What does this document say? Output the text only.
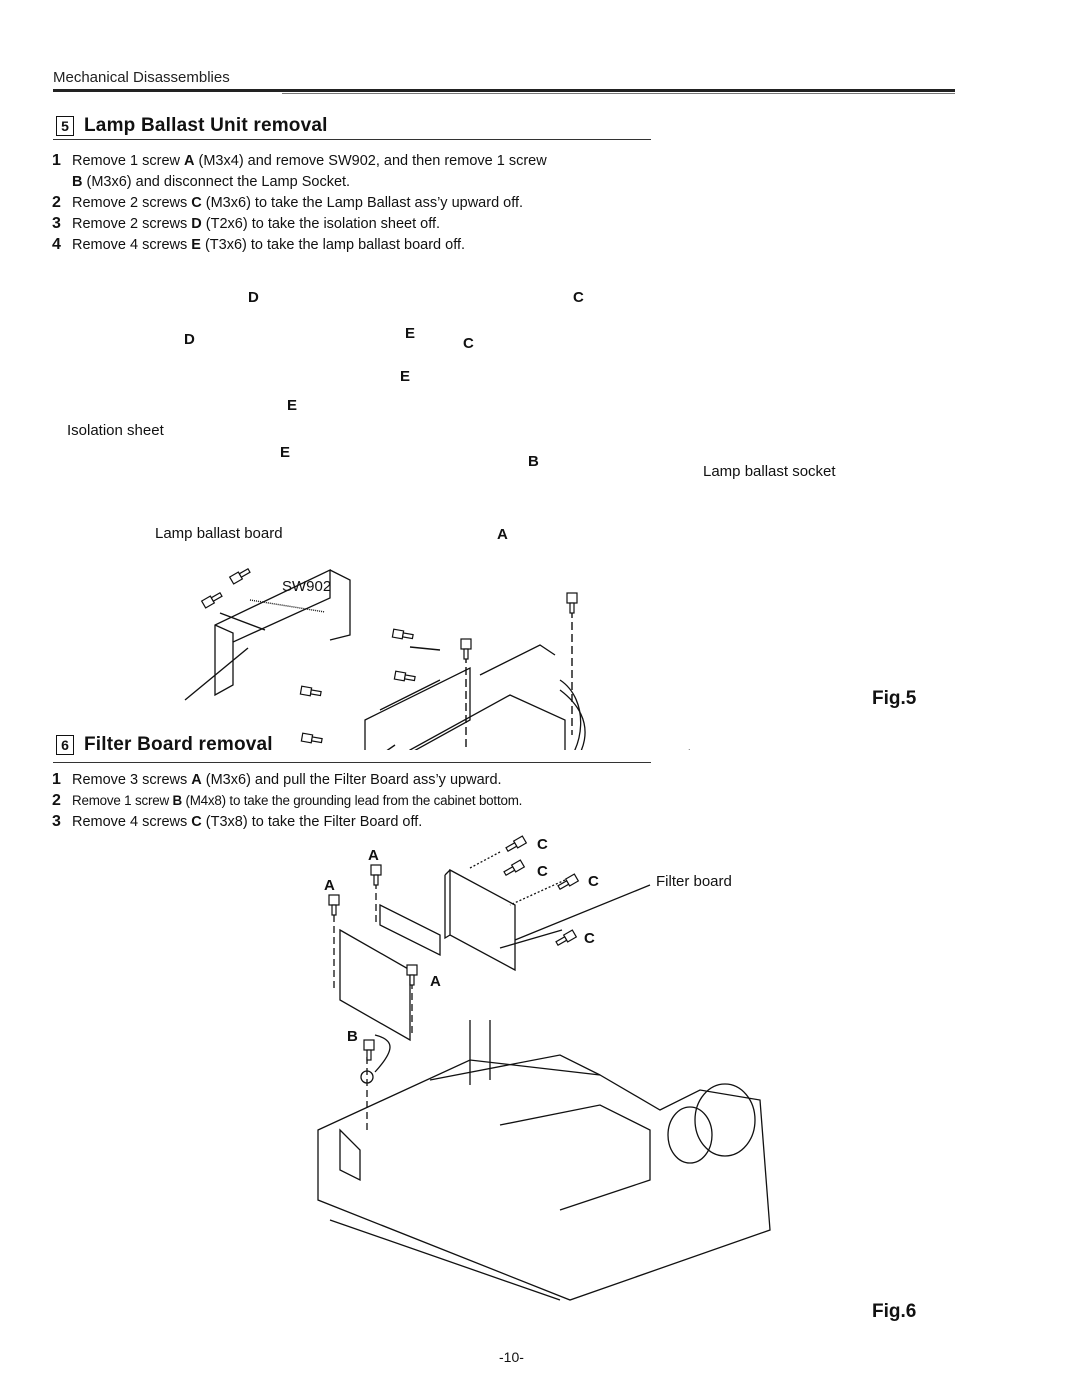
Mechanical Disassemblies
5 Lamp Ballast Unit removal
1 Remove 1 screw A (M3x4) and remove SW902, and then remove 1 screw
B (M3x6) and disconnect the Lamp Socket.
2 Remove 2 screws C (M3x6) to take the Lamp Ballast ass’y upward off.
3 Remove 2 screws D (T2x6) to take the isolation sheet off.
4 Remove 4 screws E (T3x6) to take the lamp ballast board off.
D
D	E
E
E
E
C
C
B
A
Isolation sheet
Lamp ballast board
SW902
Lamp ballast socket
Fig.5
6 Filter Board removal
1 Remove 3 screws A (M3x6) and pull the Filter Board ass’y upward.
2 Remove 1 screw B (M4x8) to take the grounding lead from the cabinet bottom.
3 Remove 4 screws C (T3x8) to take the Filter Board off.
A
A
C
C
C
C
A
B
Filter board
Fig.6
-10-
